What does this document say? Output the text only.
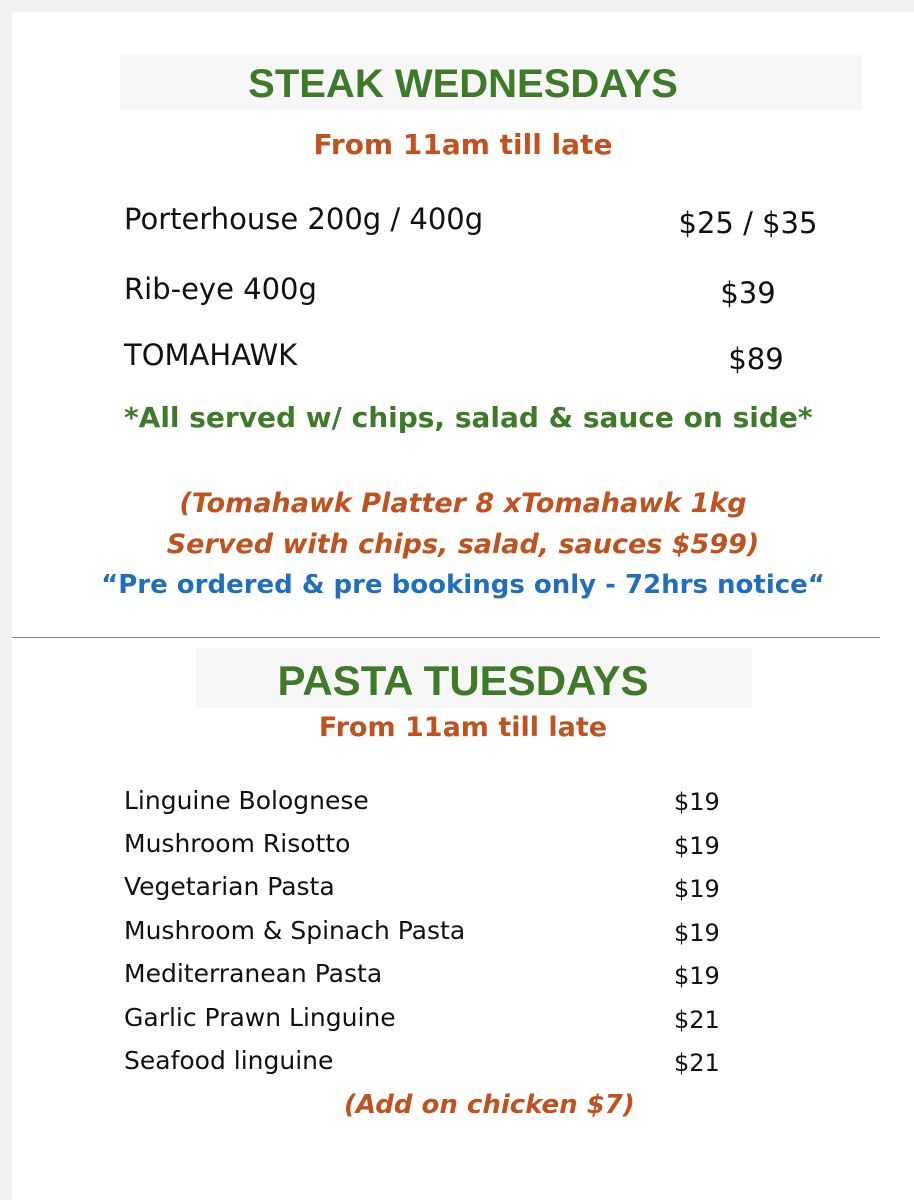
STEAK WEDNESDAYS
From 11am till late
Porterhouse 200g / 400g	$25 / $35
Rib-eye 400g	$39
TOMAHAWK	$89
*All served w/ chips, salad & sauce on side*
(Tomahawk Platter 8 xTomahawk 1kg
Served with chips, salad, sauces $599)
“Pre ordered & pre bookings only - 72hrs notice“
PASTA TUESDAYS
From 11am till late
Linguine Bolognese	$19
Mushroom Risotto	$19
Vegetarian Pasta	$19
Mushroom & Spinach Pasta	$19
Mediterranean Pasta	$19
Garlic Prawn Linguine	$21
Seafood linguine	$21
(Add on chicken $7)
